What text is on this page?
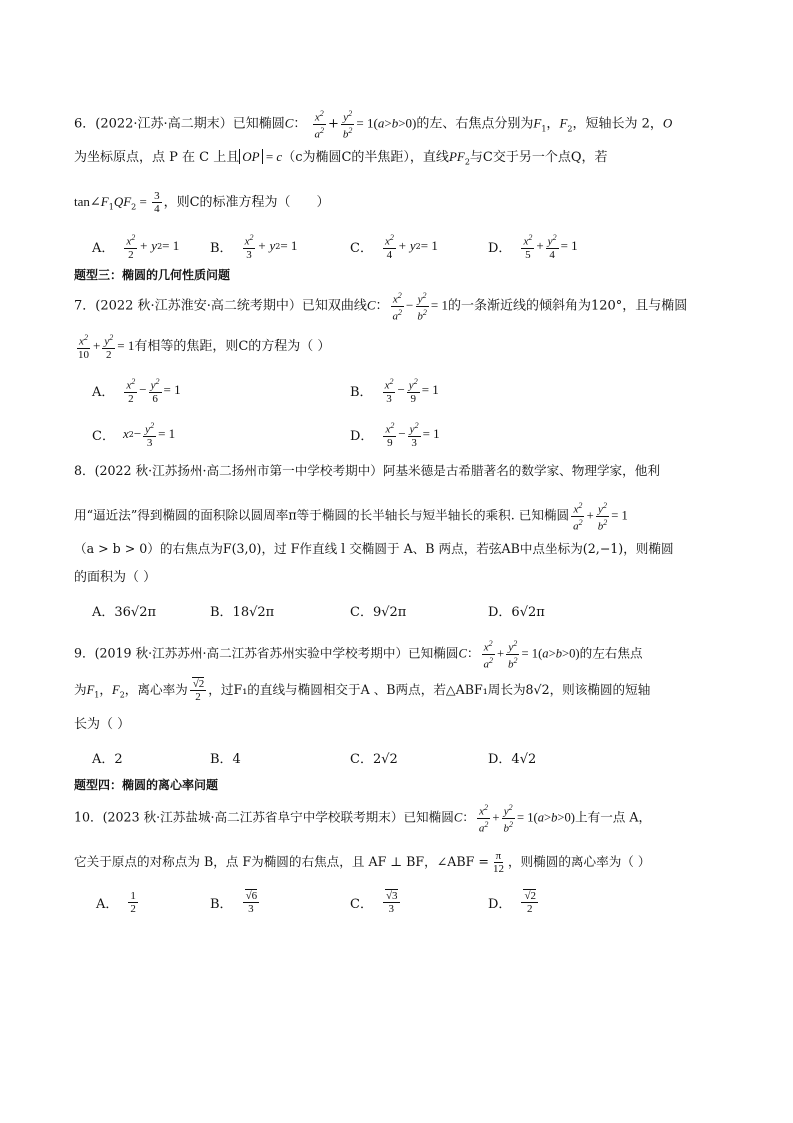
6．(2022·江苏·高二期末）已知椭圆C： $\frac{x^2}{a^2} + \frac{y^2}{b^2} = 1(a>b>0)$的左、右焦点分别为$F_1$，$F_2$，短轴长为 2，O
为坐标原点，点 P 在 C 上且 OP = c（c为椭圆C的半焦距），直线$PF_2$与C交于另一个点Q，若
$\tan\angle F_1QF_2 = \frac{3}{4}$ ，则C的标准方程为（　　）
A． $x^2$
2
+ y 2 = 1 B． $x^2$
3
+ y 2 = 1	C． $x^2$
4
+ y 2 = 1	D． $x^2$
5
+ $\frac{y^2}{4} = 1$
题型三：椭圆的几何性质问题
7．(2022 秋·江苏淮安·高二统考期中）已知双曲线C： $\frac{x^2}{a^2} - \frac{y^2}{b^2} = 1$的一条渐近线的倾斜角为120°，且与椭圆
$\frac{x^2}{10} + \frac{y^2}{2} = 1$有相等的焦距，则C的方程为（ ）
A． $x^2$
2
− $\frac{y^2}{6} = 1$	B． $x^2$
3
− $\frac{y^2}{9} = 1$
C． x $2 - \frac{y^2}{3} = 1$	D． $x^2$
9
− $\frac{y^2}{3} = 1$
8．(2022 秋·江苏扬州·高二扬州市第一中学校考期中）阿基米德是古希腊著名的数学家、物理学家，他利
用“逼近法”得到椭圆的面积除以圆周率π等于椭圆的长半轴长与短半轴长的乘积. 已知椭圆 $\frac{x^2}{a^2} + \frac{y^2}{b^2} = 1$
（a > b > 0）的右焦点为F(3,0)，过 F作直线 l 交椭圆于 A、B 两点，若弦AB中点坐标为(2,−1)，则椭圆
的面积为（ ）
A．36√2π	B．18√2π	C．9√2π	D．6√2π
9．(2019 秋·江苏苏州·高二江苏省苏州实验中学校考期中）已知椭圆C： $\frac{x^2}{a^2} + \frac{y^2}{b^2} = 1(a>b>0)$的左右焦点
为$F_1$，$F_2$，离心率为 $\frac{√2}{2}$ ，过F₁的直线与椭圆相交于A 、B两点，若△ABF₁周长为8√2，则该椭圆的短轴
长为（ ）
A．2	B．4	C．2√2	D．4√2
题型四：椭圆的离心率问题
10．(2023 秋·江苏盐城·高二江苏省阜宁中学校联考期末）已知椭圆C： $\frac{x^2}{a^2} + \frac{y^2}{b^2} = 1(a>b>0)$上有一点 A，
它关于原点的对称点为 B，点 F为椭圆的右焦点，且 AF ⊥ BF，∠ABF = $\frac{\pi}{12}$ ，则椭圆的离心率为（ ）
A．
1
2	B．
√6
3	C．
√3
3	D．
√2
2
